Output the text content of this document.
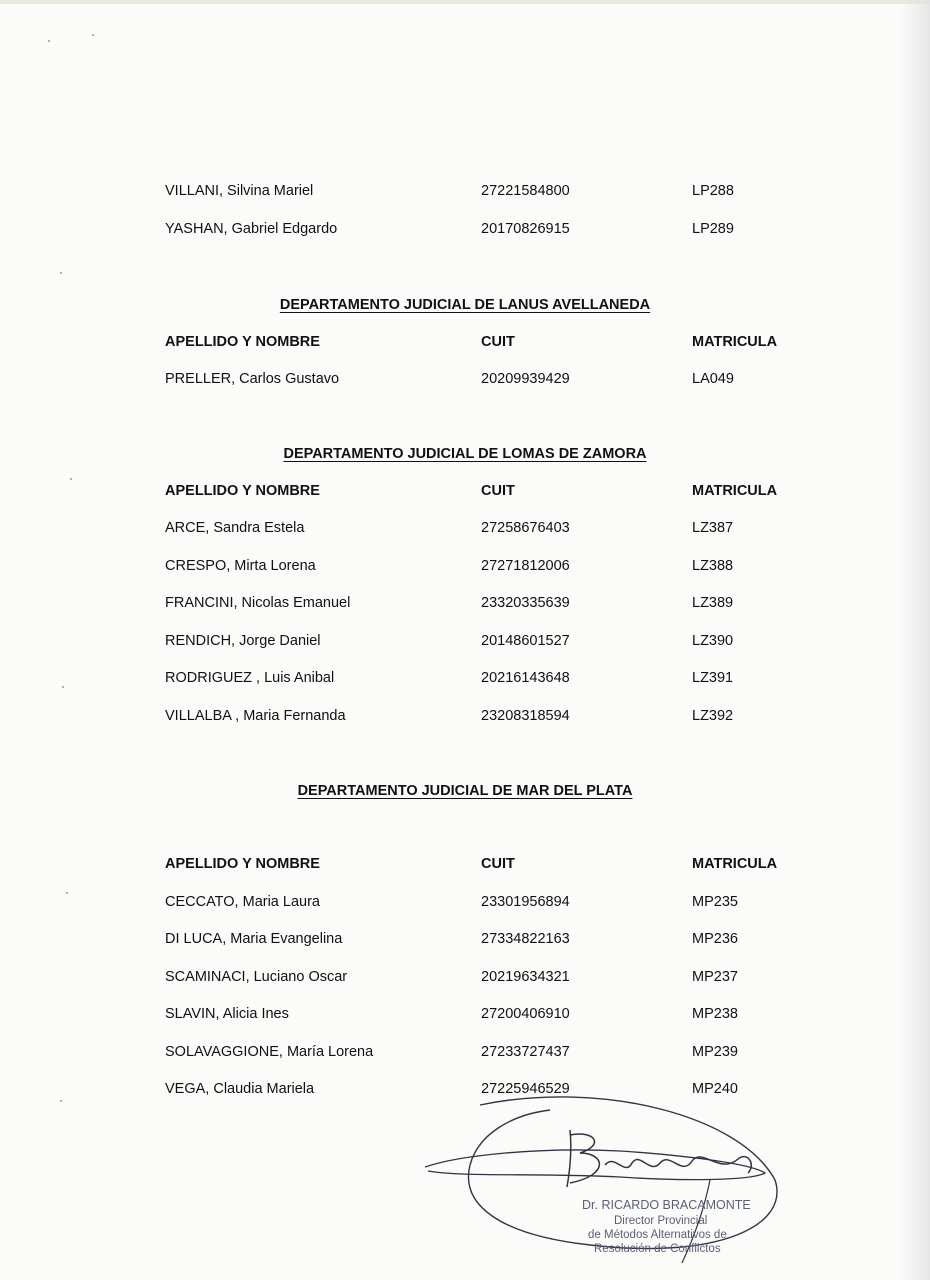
VILLANI, Silvina Mariel	27221584800	LP288
YASHAN, Gabriel Edgardo	20170826915	LP289
DEPARTAMENTO JUDICIAL DE LANUS AVELLANEDA
APELLIDO Y NOMBRE	CUIT	MATRICULA
PRELLER, Carlos Gustavo	20209939429	LA049
DEPARTAMENTO JUDICIAL DE LOMAS DE ZAMORA
APELLIDO Y NOMBRE	CUIT	MATRICULA
ARCE, Sandra Estela	27258676403	LZ387
CRESPO, Mirta Lorena	27271812006	LZ388
FRANCINI, Nicolas Emanuel	23320335639	LZ389
RENDICH, Jorge Daniel	20148601527	LZ390
RODRIGUEZ , Luis Anibal	20216143648	LZ391
VILLALBA , Maria Fernanda	23208318594	LZ392
DEPARTAMENTO JUDICIAL DE MAR DEL PLATA
APELLIDO Y NOMBRE	CUIT	MATRICULA
CECCATO, Maria Laura	23301956894	MP235
DI LUCA, Maria Evangelina	27334822163	MP236
SCAMINACI, Luciano Oscar	20219634321	MP237
SLAVIN, Alicia Ines	27200406910	MP238
SOLAVAGGIONE, María Lorena	27233727437	MP239
VEGA, Claudia Mariela	27225946529	MP240
Dr. RICARDO BRACAMONTE
Director Provincial
de Métodos Alternativos de
Resolución de Conflictos
